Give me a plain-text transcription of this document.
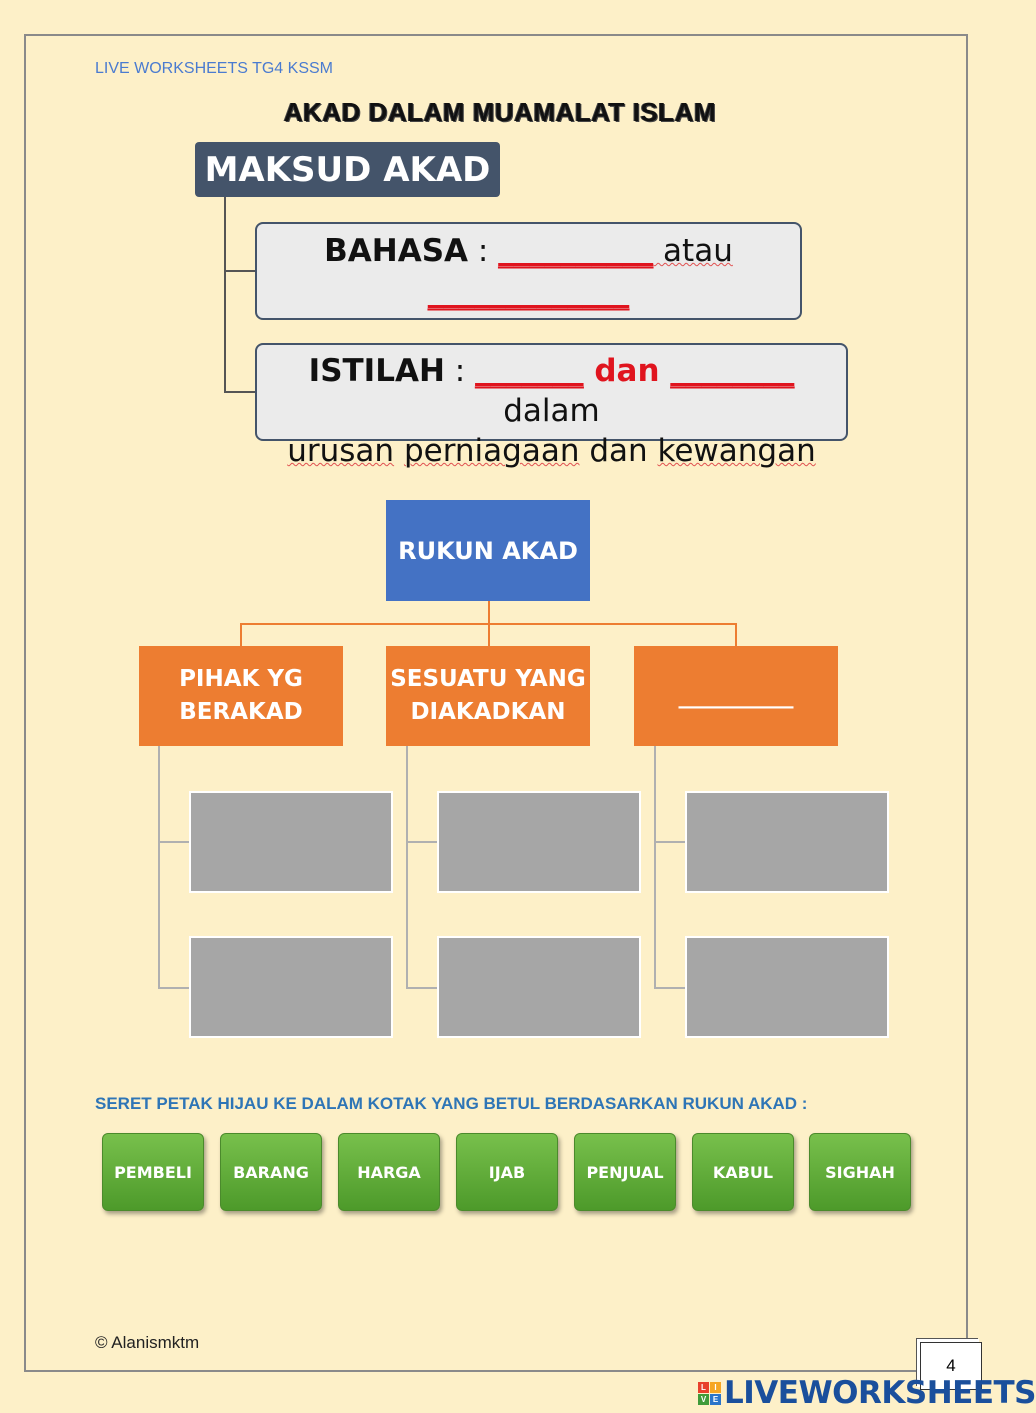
LIVE WORKSHEETS TG4 KSSM
AKAD DALAM MUAMALAT ISLAM
MAKSUD AKAD
BAHASA : __________ atau
_____________
ISTILAH : _______ dan ________ dalam
urusan perniagaan dan kewangan
RUKUN AKAD
PIHAK YG
BERAKAD
SESUATU YANG
DIAKADKAN
__________
SERET PETAK HIJAU KE DALAM KOTAK YANG BETUL BERDASARKAN RUKUN AKAD :
PEMBELI	BARANG	HARGA	IJAB	PENJUAL	KABUL	SIGHAH
© Alanismktm
4
L	I
V E LIVEWORKSHEETS
